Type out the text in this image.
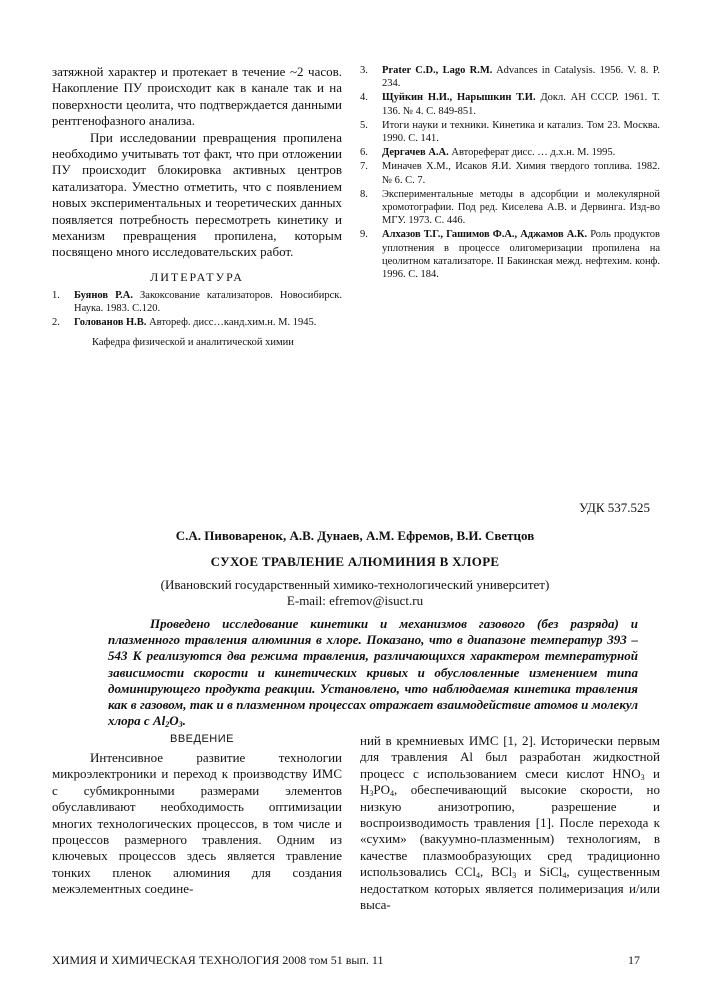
затяжной характер и протекает в течение ~2 часов. Накопление ПУ происходит как в канале так и на поверхности цеолита, что подтверждается данными рентгенофазного анализа.

При исследовании превращения пропилена необходимо учитывать тот факт, что при отложении ПУ происходит блокировка активных центров катализатора. Уместно отметить, что с появлением новых экспериментальных и теоретических данных появляется потребность пересмотреть кинетику и механизм превращения пропилена, которым посвящено много исследовательских работ.

ЛИТЕРАТУРА
1.	Буянов Р.А. Закоксование катализаторов. Новосибирск. Наука. 1983. С.120.
2.	Голованов Н.В. Автореф. дисс…канд.хим.н. М. 1945.
Кафедра физической и аналитической химии
3.	Prater C.D., Lago R.M. Advances in Catalysis. 1956. V. 8. P. 234.
4.	Щуйкин Н.И., Нарышкин Т.И. Докл. АН СССР. 1961. Т. 136. № 4. С. 849-851.
5.	Итоги науки и техники. Кинетика и катализ. Том 23. Москва. 1990. С. 141.
6.	Дергачев А.А. Автореферат дисс. … д.х.н. М. 1995.
7.	Миначев Х.М., Исаков Я.И. Химия твердого топлива. 1982. № 6. С. 7.
8.	Экспериментальные методы в адсорбции и молекулярной хромотографии. Под ред. Киселева А.В. и Дервинга. Изд-во МГУ. 1973. С. 446.
9.	Алхазов Т.Г., Гашимов Ф.А., Аджамов А.К. Роль продуктов уплотнения в процессе олигомеризации пропилена на цеолитном катализаторе. II Бакинская межд. нефтехим. конф. 1996. С. 184.
УДК 537.525
С.А. Пивоваренок, А.В. Дунаев, А.М. Ефремов, В.И. Светцов
СУХОЕ ТРАВЛЕНИЕ АЛЮМИНИЯ В ХЛОРЕ
(Ивановский государственный химико-технологический университет)
E-mail: efremov@isuct.ru

Проведено исследование кинетики и механизмов газового (без разряда) и плазменного травления алюминия в хлоре. Показано, что в диапазоне температур 393 – 543 К реализуются два режима травления, различающихся характером температурной зависимости скорости и кинетических кривых и обусловленные изменением типа доминирующего продукта реакции. Установлено, что наблюдаемая кинетика травления как в газовом, так и в плазменном процессах отражает взаимодействие атомов и молекул хлора с $Al_2O_3$.

ВВЕДЕНИЕ

Интенсивное развитие технологии микроэлектроники и переход к производству ИМС с субмикронными размерами элементов обуславливают необходимость оптимизации многих технологических процессов, в том числе и процессов размерного травления. Одним из ключевых процессов здесь является травление тонких пленок алюминия для создания межэлементных соедине-

ний в кремниевых ИМС [1, 2]. Исторически первым для травления Al был разработан жидкостной процесс с использованием смеси кислот $HNO_3$ и $H_3PO_4$, обеспечивающий высокие скорости, но низкую анизотропию, разрешение и воспроизводимость травления [1]. После перехода к «сухим» (вакуумно-плазменным) технологиям, в качестве плазмообразующих сред традиционно использовались CCl$_4$, BCl$_3$ и SiCl$_4$, существенным недостатком которых является полимеризация и/или высa-

ХИМИЯ И ХИМИЧЕСКАЯ ТЕХНОЛОГИЯ 2008 том 51 вып. 11	17
